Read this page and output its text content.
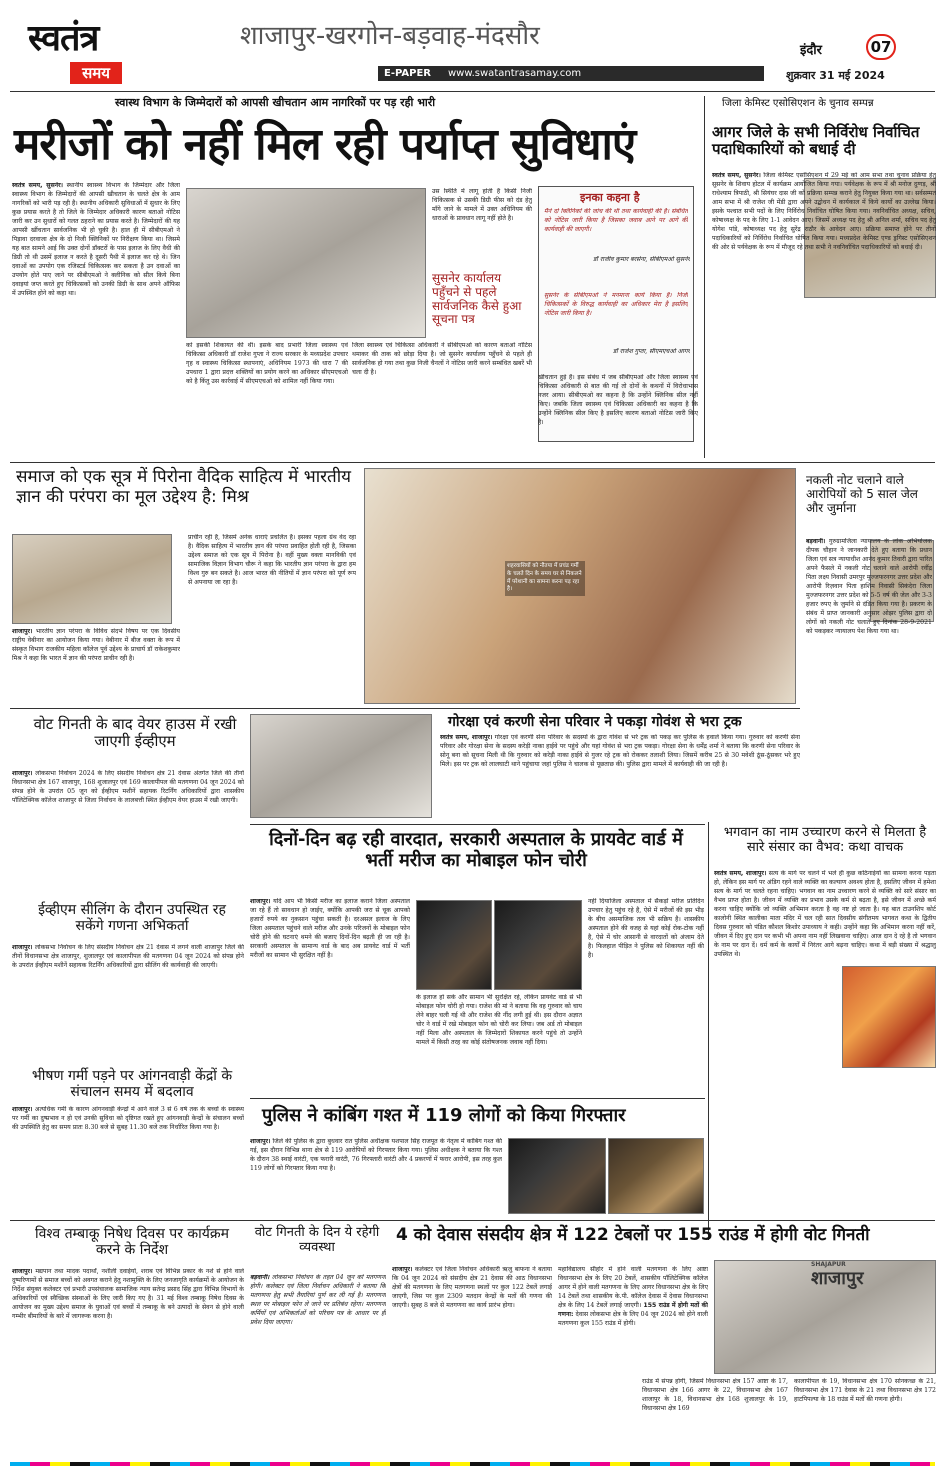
स्वतंत्र
समय
शाजापुर-खरगोन-बड़वाह-मंदसौर
E-PAPER www.swatantrasamay.com
इंदौर	07
शुक्रवार 31 मई 2024
स्वास्थ विभाग के जिम्मेदारों को आपसी खीचतान आम नागरिकों पर पड़ रही भारी
मरीजों को नहीं मिल रही पर्याप्त सुविधाएं
स्वतंत्र समय, सुसनेर। स्थानीय स्वास्थ्य विभाग के जिम्मेदार और जिला स्वास्थ्य विभाग के जिम्मेदारों की आपसी खीचतान के चलते क्षेत्र के आम नागरिकों को भारी पड़ रही है। स्थानीय अधिकारी सुविधाओं में सुधार के लिए कुछ प्रयास करते है तो जिले के जिम्मेदार अधिकारी कारण बताओ नोटिस जारी कर उन सुधारों को गलत ठहराने का प्रयास करते है। जिम्मेदारों की यह आपसी खींचतान सार्वजनिक भी हो चुकी है। हाल ही में सीबीएमओ ने पिड़ावा दरवाजा क्षेत्र के दो निजी क्लिनिकों पर निरीक्षण किया था। जिसमे यह बात सामने आई कि उक्त दोनों डॉक्टरों के पास इलाज के लिए वैधी की डिग्री तो थी उसमें इलाज न करते है दूसरी पैथी में इलाज कर रहे थे। जिन दवाओं का उपयोग एक रजिस्टर्ड चिकित्सक कर सकता है उन दवाओं का उपयोग होते पाए जाने पर सीबीएमओ ने क्लीनिक को सील किये बिना दवाइयां जप्त करते हुए चिकित्सकों को उनकी डिग्री के साथ अपने ऑफिस में उपस्थित होने को कहा था।
को इसकी शिकायत की थी। इसके बाद प्रभारी जिला स्वास्थ्य एवं चिकित्सा अधिकारी डॉ राजेश गुप्ता ने राज्य सरकार के मध्यप्रदेश उपचार गृह व स्वास्थ्य चिकित्सा स्थापनाएं, अधिनियम 1973 की धारा 7 की उपधारा 1 द्वारा प्रदत्त शक्तियों का प्रयोग करने का अधिकार सीएमएचओ को है किंतु उस कार्रवाई में सीएमएचओ को शामिल नहीं किया गया।
उस स्थिति में लागू होती है किसी निजी चिकित्सक से उसकी डिग्री फीस को दंड हेतु माँगे जाने के मामले में उक्त अधिनियम की धाराओं के प्रावधान लागू नहीं होते है।
सुसनेर कार्यालय पहुँचने से पहले सार्वजनिक कैसे हुआ सूचना पत्र
जिला स्वास्थ्य एवं चिकित्सा अधिकारी ने सीबीएमओ को कारण बताओ नोटिस थमाकर की ताक को छोड़ा दिया है। जो सुसनेर कार्यालय पहुँचने से पहले ही सार्वजनिक हो गया तथा कुछ निजी चैनलों ने नोटिस जारी करने सम्बंधित खबरें भी चला दी है।
इनका कहना है
मैंने दो क्लिनिकों की जांच की थी तथा कार्यवाही की है। संबंधित को नोटिस जारी किया है जिसका जवाब आने पर आगे की कार्यवाही की जाएगी।
डॉ राजीव कुमार बरसेना, सीबीएमओ सुसनेर
सुसनेर के सीबीएमओ ने मनमाना कार्य किया है। निजी चिकित्सकों के विरुद्ध कार्यवाही का अधिकार मेरा है इसलिए नोटिस जारी किया है।
डॉ राजेश गुप्ता, सीएमएचओ आगर
खींचतान हुई है। इस संबंध में जब सीबीएमओ और जिला स्वास्थ्य एवं चिकित्सा अधिकारी से बात की गई तो दोनों के कथनों में विरोधाभास नजर आया। सीबीएमओ का कहना है कि उन्होंने क्लिनिक सील नहीं किए। जबकि जिला स्वास्थ्य एवं चिकित्सा अधिकारी का कहना है कि उन्होंने क्लिनिक सील किए है इसलिए कारण बताओ नोटिस जारी किए है।
जिला केमिस्ट एसोसिएशन के चुनाव सम्पन्न
आगर जिले के सभी निर्विरोध निर्वाचित पदाधिकारियों को बधाई दी
स्वतंत्र समय, सुसनेर। जिला केमिस्ट एसोसिएशन में 29 मई को आम सभा तथा चुनाव प्रक्रिया हेतु सुसनेर के शिवाय होटल में कार्यक्रम आयोजित किया गया। पर्यवेक्षक के रूप में श्री मनोज दुग्गड़, श्री राधेश्याम त्रिपाठी, श्री सियंघर दास जी को प्रक्रिया सम्पन्न कराने हेतु नियुक्त किया गया था। सर्वसम्मत आम सभा में श्री राजेश जी मेंडी द्वारा अपने उद्बोधन में कार्यकाल में किये कार्यो का उल्लेख किया। इसके पश्चात सभी पदों के लिए निर्विरोध निर्वाचित घोषित किया गया। नवनिर्वाचित अध्यक्ष, सचिव, कोषाध्यक्ष के पद के लिए 1-1 आवेदन आए। जिसमें अध्यक्ष पद हेतु श्री अनिल शर्मा, सचिव पद हेतु योगेश पांडे, कोषाध्यक्ष पद हेतु सुरेंद्र राठौर के आवेदन आए। प्रक्रिया समाप्त होने पर तीनों पदाधिकारियों को निर्विरोध निर्वाचित घोषित किया गया। मध्यप्रदेश केमिस्ट एण्ड ड्रगिस्ट एसोसिएशन की ओर से पर्यवेक्षक के रूप में मौजूद रहे तथा सभी ने नवनिर्वाचित पदाधिकारियों को बधाई दी।
समाज को एक सूत्र में पिरोना वैदिक साहित्य में भारतीय ज्ञान की परंपरा का मूल उद्देश्य है: मिश्र
शाजापुर। भारतीय ज्ञान परंपरा के विविध संदर्भ विषय पर एक दिवसीय राष्ट्रीय वेबीनार का आयोजन किया गया। वेबीनार में बीज वक्ता के रूप में संस्कृत विभाग राजकीय महिला कॉलेज पूर्व उद्देश्य के प्राचार्य डॉ राकेशकुमार मिश्र ने कहा कि भारत में ज्ञान की परंपरा प्राचीन रही है।
प्राचीन रही है, जिसमें अनेक धाराएं प्रचलित है। इसका पहला ग्रंथ वेद रहा है। वैदिक साहित्य में भारतीय ज्ञान की परंपरा प्रवाहित होती रही है, जिसका उद्देश्य समाज को एक सूत्र में पिरोना है। वहीं मुख्य वक्ता मानविकी एवं सामाजिक विज्ञान विभाग चौरू ने कहा कि भारतीय ज्ञान परंपरा के द्वारा हम विश्व गुरु बन सकते है। आज भारत की नीतियों में ज्ञान परंपरा को पूर्ण रूप से अपनाया जा रहा है।
शहरवासियों को नौतपा में प्रचंड गर्मी के चलते दिन के समय घर से निकलने में परेशानी का सामना करना पड़ रहा है।
नकली नोट चलाने वाले आरोपियों को 5 साल जेल और जुर्माना
बड़वानी। गुरुग्रामजिला न्यायालय के लोक अभियोजक दीपक चौहान ने जानकारी देते हुए बताया कि प्रधान जिला एवं सत्र न्यायाधीश आनंद कुमार तिवारी द्वारा पारित अपने फैसले में नकली नोट चलाने वाले आरोपी रवींद्र पिता लक्ष्य निवासी उमरपुर मुज्जफरनगर उत्तर प्रदेश और आरोपी रिज़वान पिता हाशिम निवासी सिकंदेरा जिला मुज्जफरनगर उत्तर प्रदेश को 5-5 वर्ष की जेल और 3-3 हजार रुपए के जुर्माने से दंडित किया गया है। प्रकरण के संबंध में प्राप्त जानकारी अनुसार ओझर पुलिस द्वारा दो लोगों को नकली नोट चलाते हुए दिनांक 28-9-2021 को पकड़कर न्यायालय पेश किया गया था।
वोट गिनती के बाद वेयर हाउस में रखी जाएगी ईव्हीएम
शाजापुर। लोकसभा निर्वाचन 2024 के लिए संसदीय निर्वाचन क्षेत्र 21 देवास अंतर्गत जिले की तीनों विधानसभा क्षेत्र 167 शाजापुर, 168 शुजालपुर एवं 169 कालापीपल की मतगणना 04 जून 2024 को संपन्न होने के उपरांत 05 जून को ईव्हीएम मशीनें सहायक रिटर्निंग अधिकारियों द्वारा शासकीय पॉलिटेक्निक कॉलेज शाजापुर से जिला निर्वाचन के लालबत्ती स्थित ईव्हीएम वेयर हाउस में रखी जाएगी।
गोरक्षा एवं करणी सेना परिवार ने पकड़ा गोवंश से भरा ट्रक
स्वतंत्र समय, शाजापुर। गोरक्षा एवं करणी सेना परिवार के सदस्यों के द्वारा गोवंश से भरे ट्रक को पकड़ कर पुलिस के हवाले किया गया। गुरुवार को करणी सेना परिवार और गोरक्षा सेना के सदस्य करेड़ी नाका हाईवे पर पहुंचे और यहां गोवंश से भरा ट्रक पकड़ा। गोरक्षा सेना के धर्मेंद्र शर्मा ने बताया कि करणी सेना परिवार के सोनू बना को सूचना मिली थी कि गुरुवार को करेड़ी नाका हाईवे से गुजर रहे ट्रक को रोककर तलाशी लिया। जिसमें करीब 25 से 30 मवेशी ठूंस-ठूंसकर भरे हुए मिले। इस पर ट्रक को लालघाटी थाने पहुंचाया जहां पुलिस ने चालक से पूछताछ की। पुलिस द्वारा मामले में कार्यवाही की जा रही है।
ईव्हीएम सीलिंग के दौरान उपस्थित रह सकेंगे गणना अभिकर्ता
शाजापुर। लोकसभा निर्वाचन के लिए संसदीय निर्वाचन क्षेत्र 21 देवास में लगने वाली शाजापुर जिले की तीनों विधानसभा क्षेत्र शाजापुर, शुजालपुर एवं कालापीपल की मतगणना 04 जून 2024 को संपन्न होने के उपरांत ईव्हीएम मशीनें सहायक रिटर्निंग अधिकारियों द्वारा सीलिंग की कार्यवाही की जाएगी।
दिनों-दिन बढ़ रही वारदात, सरकारी अस्पताल के प्रायवेट वार्ड में भर्ती मरीज का मोबाइल फोन चोरी
शाजापुर। यदि आप भी किसी मरीज का इलाज कराने जिला अस्पताल जा रहे हैं तो सावधान हो जाईए, क्योंकि आपकी जरा से चूक आपको हजारों रुपये का नुकसान पहुंचा सकती है। दरअसल इलाज के लिए जिला अस्पताल पहुंचने वाले मरीज और उनके परिजनों के मोबाइल फोन चोरी होने की घटनाएं थमने की बजाए दिनों-दिन बढ़ती ही जा रही है। सरकारी अस्पताल के सामान्य वार्ड के बाद अब प्रायवेट वार्ड में भर्ती मरीजों का सामान भी सुरक्षित नहीं है।
के इलाज हो सके और सामान भी सुरक्षित रहे, लेकिन प्रायवेट वार्ड से भी मोबाइल फोन चोरी हो गया। राजेश की मां ने बताया कि वह गुरुवार को चाय लेने बाहर चली गई थी और राजेश की नींद लगी हुई थी। इस दौरान अज्ञात चोर ने वार्ड में रखे मोबाइल फोन को चोरी कर लिया। जब अर्ड तो मोबाइल नहीं मिला और अस्पताल के जिम्मेदारों शिकायत करने पहुंचे तो उन्होंने मामले में किसी तरह का कोई संतोषजनक जवाब नहीं दिया।
नहीं दियाजिला अस्पताल में सैकड़ों मरीज प्रतिदिन उपचार हेतु पहुंच रहे है, ऐसे में मरीजों की इस भीड़ के बीच असमाजिक तत्व भी सक्रिय है। शासकीय अस्पताल होने की वजह से यहां कोई रोक-टोक नहीं है, ऐसे में चोर आसानी से वारदातों को अंजाम देते है। फिलहाल पीड़ित ने पुलिस को शिकायत नहीं की है।
भगवान का नाम उच्चारण करने से मिलता है सारे संसार का वैभव: कथा वाचक
स्वतंत्र समय, शाजापुर। सत्य के मार्ग पर चलने में भले ही कुछ कठिनाईयों का सामना करना पड़ता हो, लेकिन इस मार्ग पर अंडिग रहने वाले व्यक्ति का कल्याण अवश्य होता है, इसलिए जीवन में हमेशा सत्य के मार्ग पर चलते रहना चाहिए। भगवान का नाम उच्चारण करने से व्यक्ति को सारे संसार का वैभव प्राप्त होता है। जीवन में व्यक्ति का प्रभाव उसके कर्म से बढ़ता है, इसे जीवन में अच्छे कर्म करना चाहिए क्योंकि जो व्यक्ति अभिमान करता है वह नष्ट हो जाता है। यह बात टाउनशिप कोर्ट कालोनी स्थित कालीका माता मंदिर में चल रही सात दिवसीय संगीतमय भागवत कथा के द्वितीय दिवस गुरुवार को पंडित कौशल किशोर उपाध्याय ने कही। उन्होंने कहा कि अभिमान करना नहीं करें, जीवन में दिए हुए दान पर कभी भी अपना नाम नहीं लिखवाना चाहिए। आज दान दे रहे है तो भगवान के नाम पर दान दें। धर्म कर्म के कार्यों में निरंतर आगे बढ़ना चाहिए। कथा में बड़ी संख्या में श्रद्धालु उपस्थित थे।
भीषण गर्मी पड़ने पर आंगनवाड़ी केंद्रों के संचालन समय में बदलाव
शाजापुर। अत्यधिक गर्मी के कारण आंगनवाड़ी केन्द्रों में आने वाले 3 से 6 वर्ष तक के बच्चों के स्वास्थ्य पर गर्मी का दुष्प्रभाव न हो एवं उनकी सुविधा को दृष्टिगत रखते हुए आंगनवाड़ी केन्द्रों के संचालन बच्चों की उपस्थिति हेतु का समय प्रातः 8.30 बजे से सुबह 11.30 बजे तक निर्धारित किया गया है।
पुलिस ने कांबिंग गश्त में 119 लोगों को किया गिरफ्तार
शाजापुर। जिले की पुलिस के द्वारा बुधवार रात पुलिस अधीक्षक यशपाल सिंह राजपूत के नेतृत्व में कांबिंग गश्त की गई, इस दौरान विभिन्न थाना क्षेत्र से 119 आरोपियों को गिरफ्तार किया गया। पुलिस अधीक्षक ने बताया कि गश्त के दौरान 38 स्थाई वारंटी, एक फरारी वारंटी, 76 गिरफ्तारी वारंटी और 4 प्रकरणों में फरार आरोपी, इस तरह कुल 119 लोगों को गिरफ्तार किया गया है।
विश्व तम्बाकू निषेध दिवस पर कार्यक्रम करने के निर्देश
शाजापुर। मद्यपान तथा मादक पदार्थों, नशीली दवाईयों, शराब एवं विभिन्न प्रकार के नशे से होने वाले दुष्परिणामों से समाज बच्चों को अवगत कराने हेतु नशामुक्ति के लिए जनजागृति कार्यक्रमों के आयोजन के निर्देश संयुक्त कलेक्टर एवं प्रभारी उपसंचालक सामाजिक न्याय सतेन्द्र प्रसाद सिंह द्वारा विभिन्न विभागों के अधिकारियों एवं स्वैच्छिक संस्थाओं के लिए जारी किए गए है। 31 मई विश्व तम्बाकू निषेध दिवस के आयोजन का मुख्य उद्देश्य समाज के युवाओं एवं बच्चों में तम्बाकू के बने उत्पादों के सेवन से होने वाली गम्भीर बीमारियों के बारे में जागरूक करना है।
वोट गिनती के दिन ये रहेगी व्यवस्था
बड़वानी। लोकसभा निर्वाचन के तहत 04 जून को मतगणना होगी। कलेक्टर एवं जिला निर्वाचन अधिकारी ने बताया कि मतगणना हेतु सभी तैयारियां पूर्ण कर ली गई है। मतगणना स्थल पर मोबाइल फोन ले जाने पर प्रतिबंध रहेगा। मतगणना कर्मियों एवं अभिकर्ताओं को परिचय पत्र के आधार पर ही प्रवेश दिया जाएगा।
4 को देवास संसदीय क्षेत्र में 122 टेबलों पर 155 राउंड में होगी वोट गिनती
शाजापुर। कलेक्टर एवं जिला निर्वाचन अधिकारी ऋजु बाफना ने बताया कि 04 जून 2024 को संसदीय क्षेत्र 21 देवास की आठ विधानसभा क्षेत्रों की मतगणना के लिए मतगणना स्थलों पर कुल 122 टेबलें लगाई जाएगी, जिस पर कुल 2309 मतदान केन्द्रों के मतों की गणना की जाएगी। सुबह 8 बजे से मतगणना का कार्य प्रारंभ होगा।
महाविद्यालय सीहोर में होने वाली मतगणना के लिए आष्टा विधानसभा क्षेत्र के लिए 20 टेबलें, शासकीय पॉलिटेक्निक कॉलेज आगर में होने वाली मतगणना के लिए आगर विधानसभा क्षेत्र के लिए 14 टेबलें तथा शासकीय के.पी. कॉलेज देवास में देवास विधानसभा क्षेत्र के लिए 14 टेबलें लगाई जाएगी। 155 राउंड में होगी मतों की गणना: देवास लोकसभा क्षेत्र के लिए 04 जून 2024 को होने वाली मतगणना कुल 155 राउंड में होगी।
शाजापुर
SHAJAPUR
राउंड में संपन्न होगी, जिसमें विधानसभा क्षेत्र 157 आष्टा के 17, विधानसभा क्षेत्र 166 आगर के 22, विधानसभा क्षेत्र 167 शाजापुर के 18, विधानसभा क्षेत्र 168 शुजालपुर के 19, विधानसभा क्षेत्र 169
कालापीपल के 19, विधानसभा क्षेत्र 170 सोनकच्छ के 21, विधानसभा क्षेत्र 171 देवास के 21 तथा विधानसभा क्षेत्र 172 हाटपिपल्या के 18 राउंड में मतों की गणना होगी।
